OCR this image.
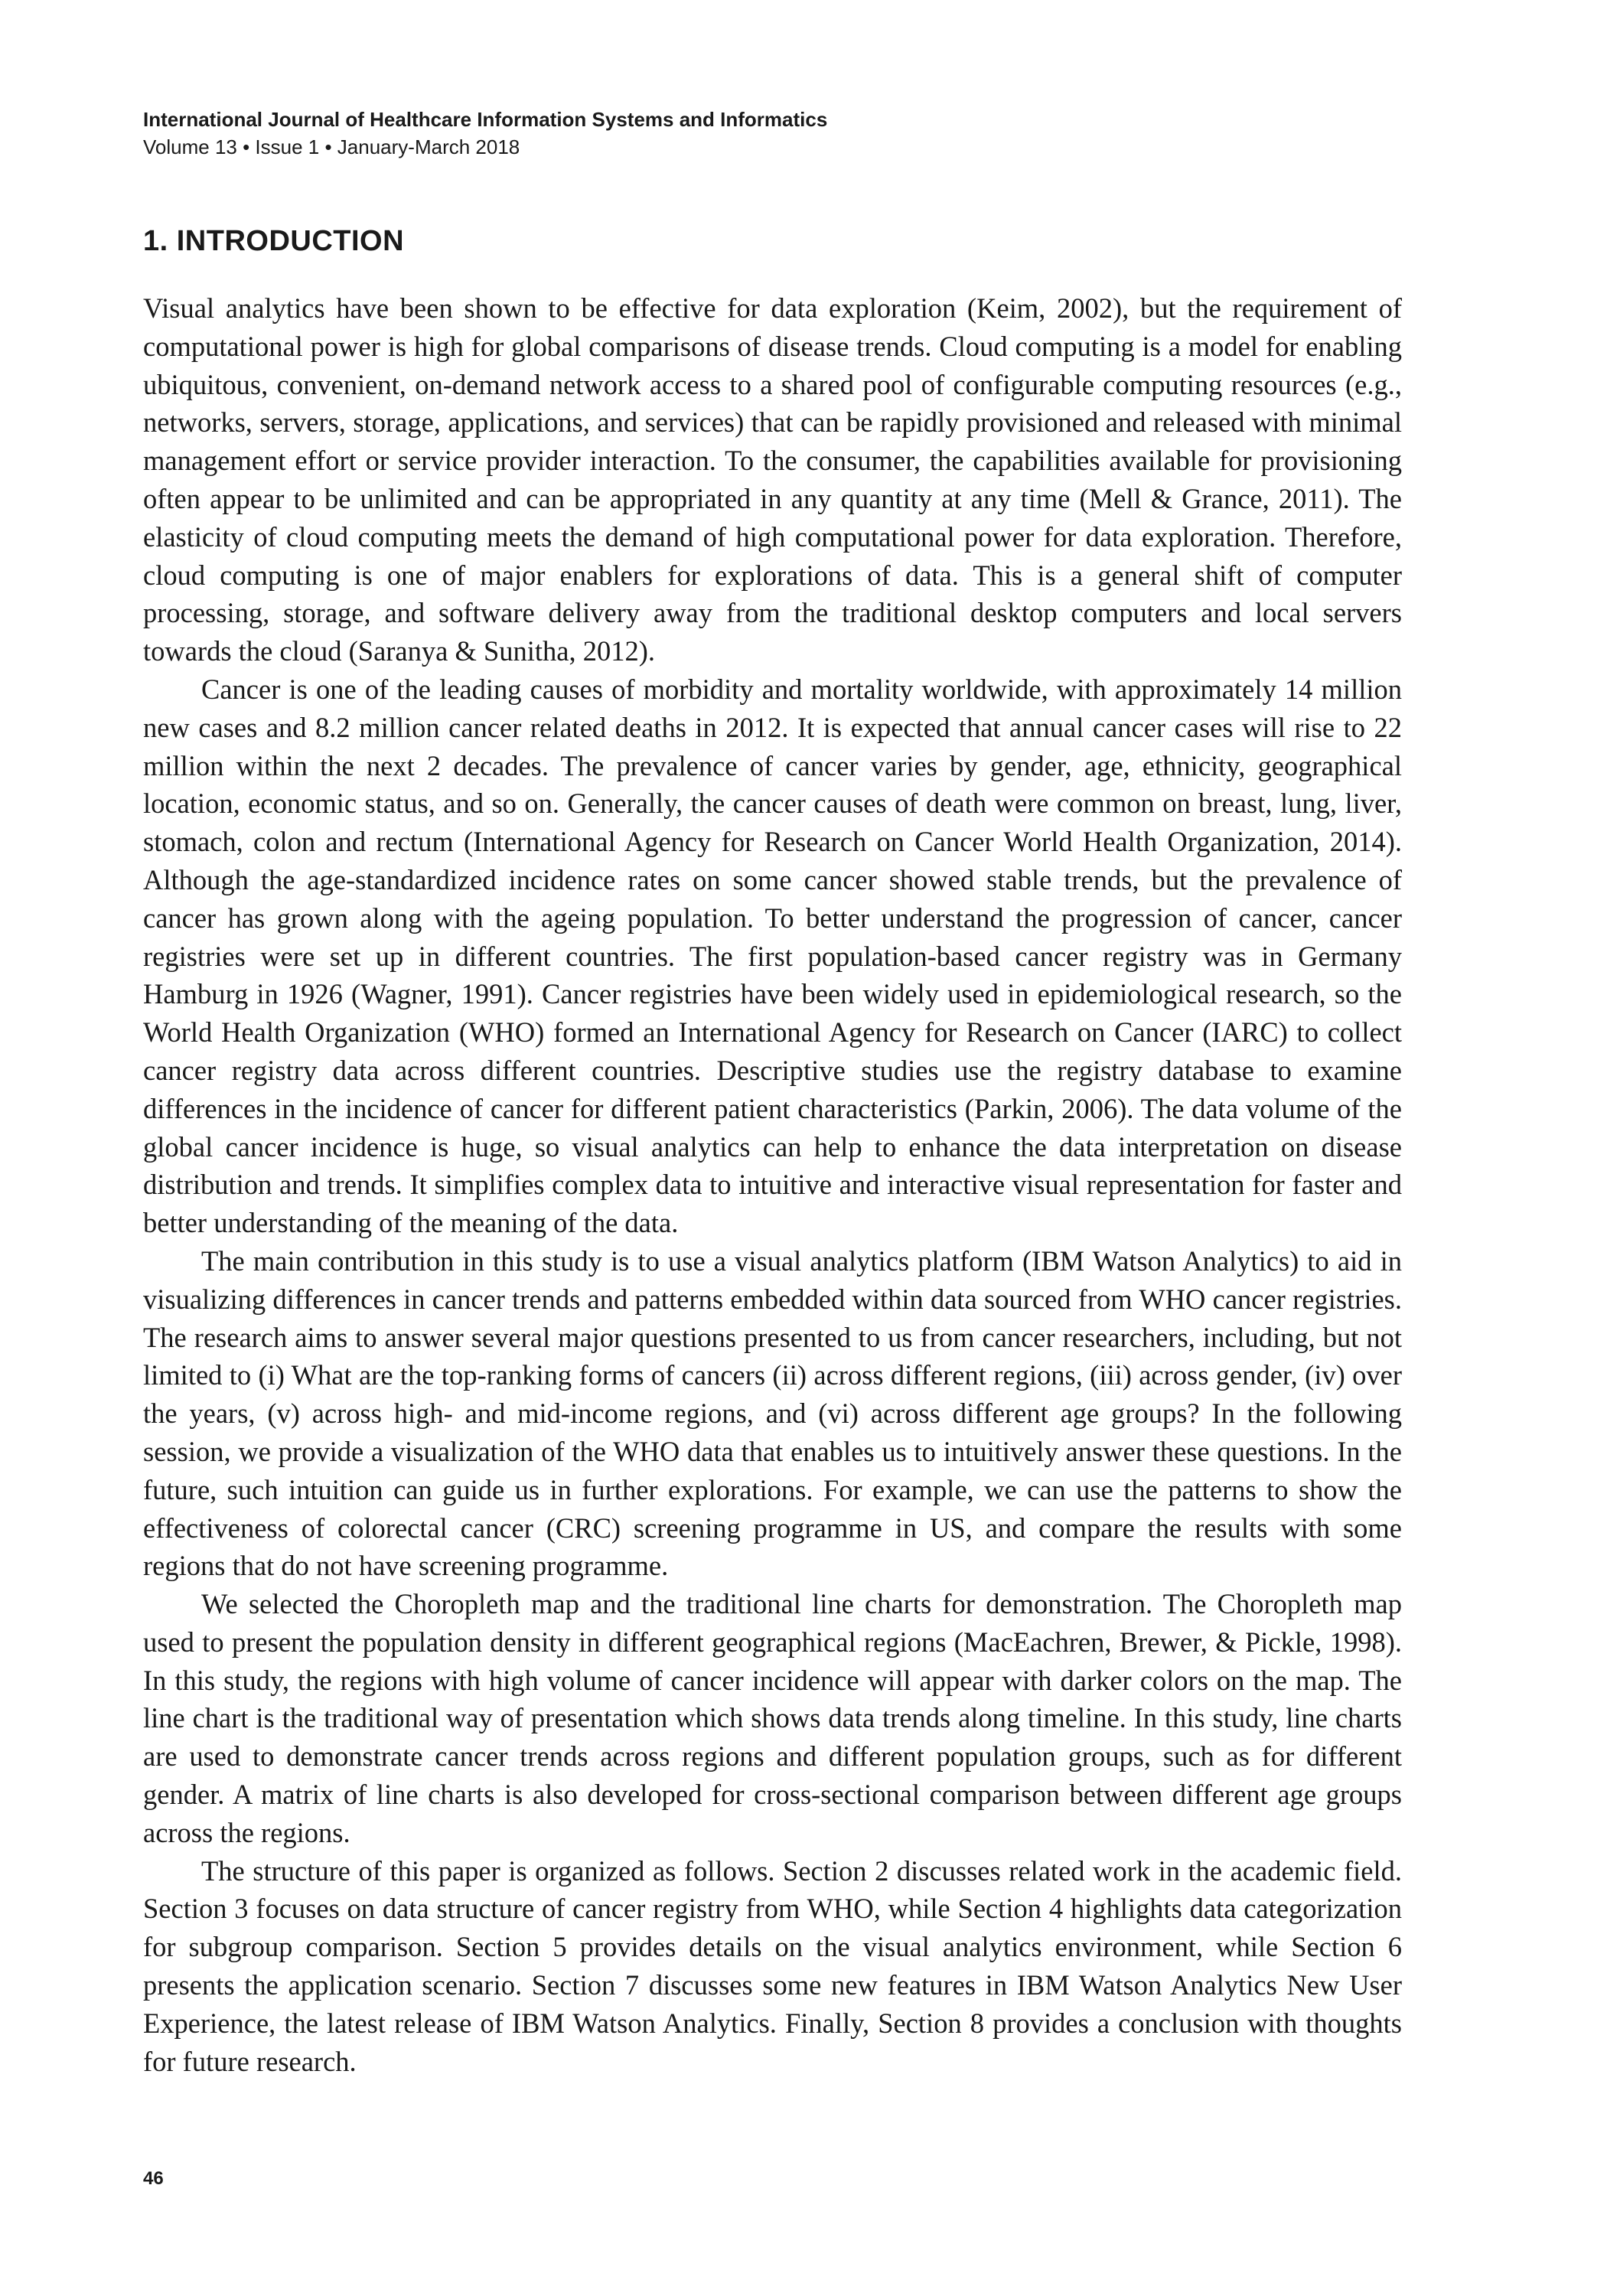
International Journal of Healthcare Information Systems and Informatics
Volume 13 • Issue 1 • January-March 2018
1. INTRODUCTION

Visual analytics have been shown to be effective for data exploration (Keim, 2002), but the requirement of computational power is high for global comparisons of disease trends. Cloud computing is a model for enabling ubiquitous, convenient, on-demand network access to a shared pool of configurable computing resources (e.g., networks, servers, storage, applications, and services) that can be rapidly provisioned and released with minimal management effort or service provider interaction. To the consumer, the capabilities available for provisioning often appear to be unlimited and can be appropriated in any quantity at any time (Mell & Grance, 2011). The elasticity of cloud computing meets the demand of high computational power for data exploration. Therefore, cloud computing is one of major enablers for explorations of data. This is a general shift of computer processing, storage, and software delivery away from the traditional desktop computers and local servers towards the cloud (Saranya & Sunitha, 2012).

Cancer is one of the leading causes of morbidity and mortality worldwide, with approximately 14 million new cases and 8.2 million cancer related deaths in 2012. It is expected that annual cancer cases will rise to 22 million within the next 2 decades. The prevalence of cancer varies by gender, age, ethnicity, geographical location, economic status, and so on. Generally, the cancer causes of death were common on breast, lung, liver, stomach, colon and rectum (International Agency for Research on Cancer World Health Organization, 2014). Although the age-standardized incidence rates on some cancer showed stable trends, but the prevalence of cancer has grown along with the ageing population. To better understand the progression of cancer, cancer registries were set up in different countries. The first population-based cancer registry was in Germany Hamburg in 1926 (Wagner, 1991). Cancer registries have been widely used in epidemiological research, so the World Health Organization (WHO) formed an International Agency for Research on Cancer (IARC) to collect cancer registry data across different countries. Descriptive studies use the registry database to examine differences in the incidence of cancer for different patient characteristics (Parkin, 2006). The data volume of the global cancer incidence is huge, so visual analytics can help to enhance the data interpretation on disease distribution and trends. It simplifies complex data to intuitive and interactive visual representation for faster and better understanding of the meaning of the data.

The main contribution in this study is to use a visual analytics platform (IBM Watson Analytics) to aid in visualizing differences in cancer trends and patterns embedded within data sourced from WHO cancer registries. The research aims to answer several major questions presented to us from cancer researchers, including, but not limited to (i) What are the top-ranking forms of cancers (ii) across different regions, (iii) across gender, (iv) over the years, (v) across high- and mid-income regions, and (vi) across different age groups? In the following session, we provide a visualization of the WHO data that enables us to intuitively answer these questions. In the future, such intuition can guide us in further explorations. For example, we can use the patterns to show the effectiveness of colorectal cancer (CRC) screening programme in US, and compare the results with some regions that do not have screening programme.

We selected the Choropleth map and the traditional line charts for demonstration. The Choropleth map used to present the population density in different geographical regions (MacEachren, Brewer, & Pickle, 1998). In this study, the regions with high volume of cancer incidence will appear with darker colors on the map. The line chart is the traditional way of presentation which shows data trends along timeline. In this study, line charts are used to demonstrate cancer trends across regions and different population groups, such as for different gender. A matrix of line charts is also developed for cross-sectional comparison between different age groups across the regions.

The structure of this paper is organized as follows. Section 2 discusses related work in the academic field. Section 3 focuses on data structure of cancer registry from WHO, while Section 4 highlights data categorization for subgroup comparison. Section 5 provides details on the visual analytics environment, while Section 6 presents the application scenario. Section 7 discusses some new features in IBM Watson Analytics New User Experience, the latest release of IBM Watson Analytics. Finally, Section 8 provides a conclusion with thoughts for future research.

46
